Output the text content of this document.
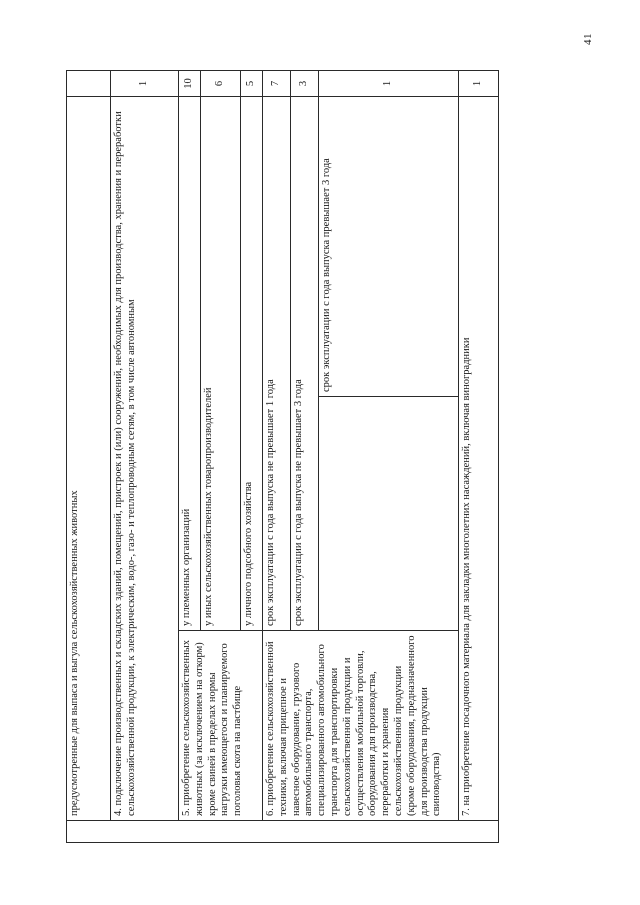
41
	предусмотренные для выпаса и выгула сельскохозяйственных животных			
	4. подключение производственных и складских зданий, помещений, пристроек и (или) сооружений, необходимых для производства, хранения и переработки сельскохозяйственной продукции, к электрическим, водо-, газо- и теплопроводным сетям, в том числе автономным			1
	5. приобретение сельскохозяйственных животных (за исключением на откорм) кроме свиней в пределах нормы нагрузки имеющегося и планируемого поголовья скота на пастбище	у племенных организаций		10
		у иных сельскохозяйственных товаропроизводителей		6
		у личного подсобного хозяйства		5
	6. приобретение сельскохозяйственной техники, включая прицепное и навесное оборудование, грузового автомобильного транспорта, специализированного автомобильного транспорта для транспортировки сельскохозяйственной продукции и осуществления мобильной торговли, оборудования для производства, переработки и хранения сельскохозяйственной продукции (кроме оборудования, предназначенного для производства продукции свиноводства)	срок эксплуатации с года выпуска не превышает 1 года		7
		срок эксплуатации с года выпуска не превышает 3 года		3
			срок эксплуатации с года выпуска превышает 3 года	1
	7. на приобретение посадочного материала для закладки многолетних насаждений, включая виноградники			1
